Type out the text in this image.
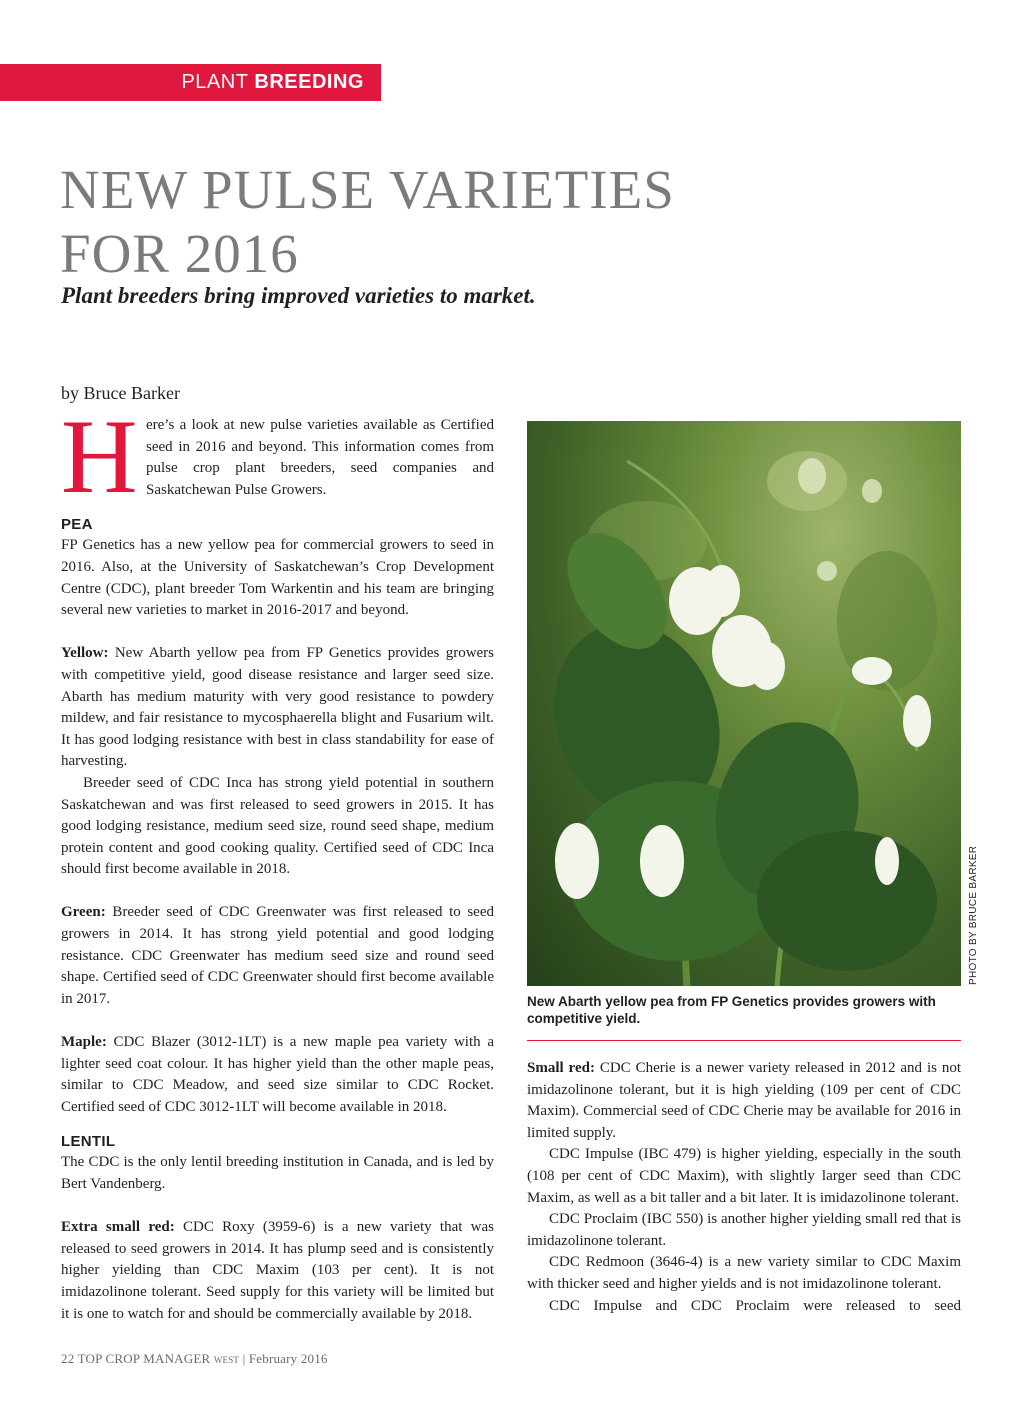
PLANT BREEDING
NEW PULSE VARIETIES
FOR 2016
Plant breeders bring improved varieties to market.
by Bruce Barker
H ere’s a look at new pulse varieties available as Certified seed in 2016 and beyond. This information comes from pulse crop plant breeders, seed companies and Saskatchewan Pulse Growers.

PEA

FP Genetics has a new yellow pea for commercial growers to seed in 2016. Also, at the University of Saskatchewan’s Crop Development Centre (CDC), plant breeder Tom Warkentin and his team are bringing several new varieties to market in 2016-2017 and beyond.

Yellow: New Abarth yellow pea from FP Genetics provides growers with competitive yield, good disease resistance and larger seed size. Abarth has medium maturity with very good resistance to powdery mildew, and fair resistance to mycosphaerella blight and Fusarium wilt. It has good lodging resistance with best in class standability for ease of harvesting.

Breeder seed of CDC Inca has strong yield potential in southern Saskatchewan and was first released to seed growers in 2015. It has good lodging resistance, medium seed size, round seed shape, medium protein content and good cooking quality. Certified seed of CDC Inca should first become available in 2018.

Green: Breeder seed of CDC Greenwater was first released to seed growers in 2014. It has strong yield potential and good lodging resistance. CDC Greenwater has medium seed size and round seed shape. Certified seed of CDC Greenwater should first become available in 2017.

Maple: CDC Blazer (3012-1LT) is a new maple pea variety with a lighter seed coat colour. It has higher yield than the other maple peas, similar to CDC Meadow, and seed size similar to CDC Rocket. Certified seed of CDC 3012-1LT will become available in 2018.

LENTIL

The CDC is the only lentil breeding institution in Canada, and is led by Bert Vandenberg.

Extra small red: CDC Roxy (3959-6) is a new variety that was released to seed growers in 2014. It has plump seed and is consistently higher yielding than CDC Maxim (103 per cent). It is not imidazolinone tolerant. Seed supply for this variety will be limited but it is one to watch for and should be commercially available by 2018.

PHOTO BY BRUCE BARKER
New Abarth yellow pea from FP Genetics provides growers with competitive yield.

Small red: CDC Cherie is a newer variety released in 2012 and is not imidazolinone tolerant, but it is high yielding (109 per cent of CDC Maxim). Commercial seed of CDC Cherie may be available for 2016 in limited supply.

CDC Impulse (IBC 479) is higher yielding, especially in the south (108 per cent of CDC Maxim), with slightly larger seed than CDC Maxim, as well as a bit taller and a bit later. It is imidazolinone tolerant.

CDC Proclaim (IBC 550) is another higher yielding small red that is imidazolinone tolerant.

CDC Redmoon (3646-4) is a new variety similar to CDC Maxim with thicker seed and higher yields and is not imidazolinone tolerant.

CDC Impulse and CDC Proclaim were released to seed

22 TOP CROP MANAGER WEST | February 2016
